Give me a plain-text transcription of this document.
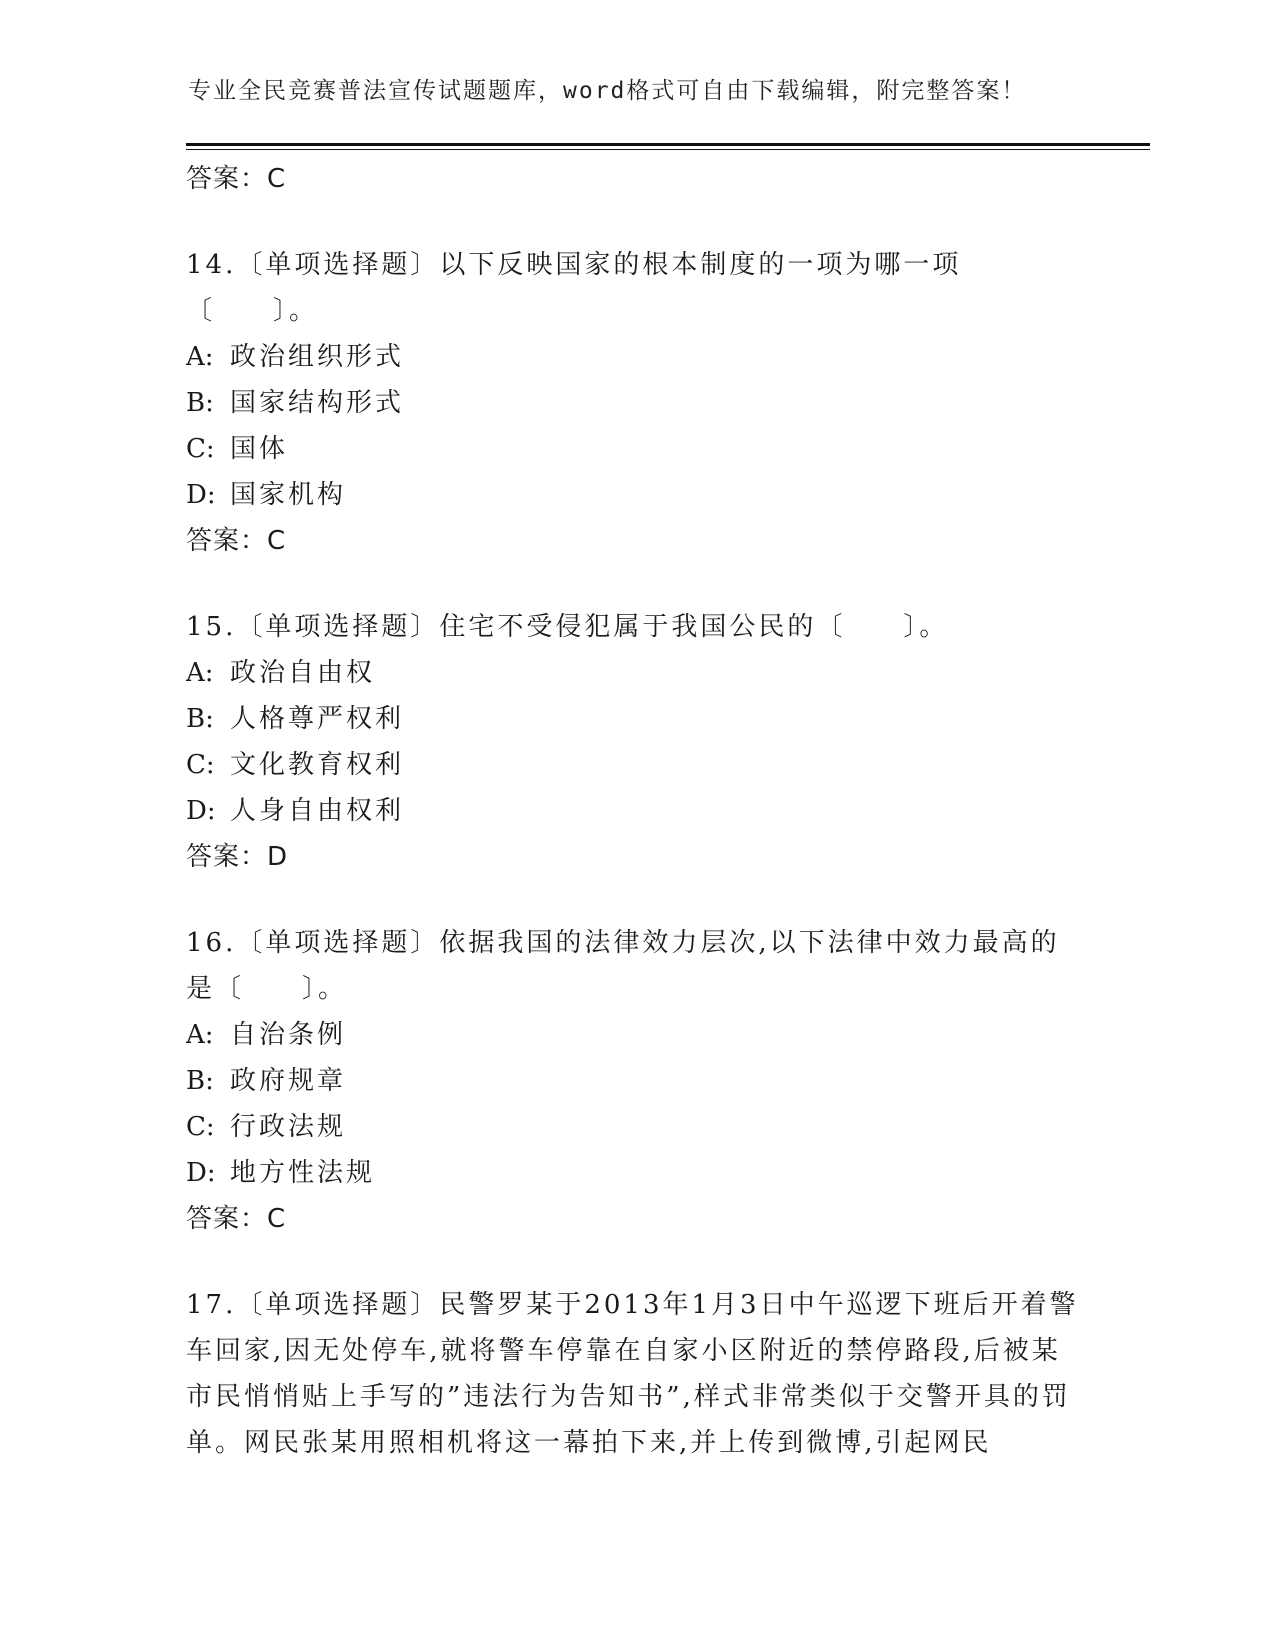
专业全民竞赛普法宣传试题题库，word格式可自由下载编辑，附完整答案！
答案：C
14.〔单项选择题〕以下反映国家的根本制度的一项为哪一项〔　　〕。
A: 政治组织形式
B: 国家结构形式
C: 国体
D: 国家机构
答案：C
15.〔单项选择题〕住宅不受侵犯属于我国公民的〔　　〕。
A: 政治自由权
B: 人格尊严权利
C: 文化教育权利
D: 人身自由权利
答案：D
16.〔单项选择题〕依据我国的法律效力层次,以下法律中效力最高的是〔　　〕。
A: 自治条例
B: 政府规章
C: 行政法规
D: 地方性法规
答案：C
17.〔单项选择题〕民警罗某于2013年1月3日中午巡逻下班后开着警车回家,因无处停车,就将警车停靠在自家小区附近的禁停路段,后被某市民悄悄贴上手写的”违法行为告知书”,样式非常类似于交警开具的罚单。网民张某用照相机将这一幕拍下来,并上传到微博,引起网民
